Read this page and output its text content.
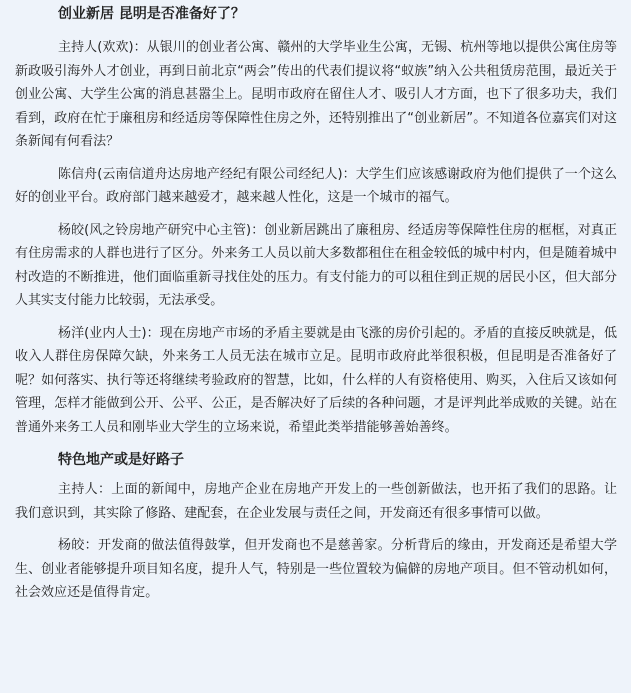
创业新居 昆明是否准备好了？

主持人(欢欢)：从银川的创业者公寓、赣州的大学毕业生公寓，无锡、杭州等地以提供公寓住房等新政吸引海外人才创业，再到日前北京“两会”传出的代表们提议将“蚁族”纳入公共租赁房范围，最近关于创业公寓、大学生公寓的消息甚嚣尘上。昆明市政府在留住人才、吸引人才方面，也下了很多功夫，我们看到，政府在忙于廉租房和经适房等保障性住房之外，还特别推出了“创业新居”。不知道各位嘉宾们对这条新闻有何看法？

陈信舟(云南信道舟达房地产经纪有限公司经纪人)：大学生们应该感谢政府为他们提供了一个这么好的创业平台。政府部门越来越爱才，越来越人性化，这是一个城市的福气。

杨皎(风之铃房地产研究中心主管)：创业新居跳出了廉租房、经适房等保障性住房的框框，对真正有住房需求的人群也进行了区分。外来务工人员以前大多数都租住在租金较低的城中村内，但是随着城中村改造的不断推进，他们面临重新寻找住处的压力。有支付能力的可以租住到正规的居民小区，但大部分人其实支付能力比较弱，无法承受。

杨洋(业内人士)：现在房地产市场的矛盾主要就是由飞涨的房价引起的。矛盾的直接反映就是，低收入人群住房保障欠缺，外来务工人员无法在城市立足。昆明市政府此举很积极，但昆明是否准备好了呢？如何落实、执行等还将继续考验政府的智慧，比如，什么样的人有资格使用、购买，入住后又该如何管理，怎样才能做到公开、公平、公正，是否解决好了后续的各种问题，才是评判此举成败的关键。站在普通外来务工人员和刚毕业大学生的立场来说，希望此类举措能够善始善终。

特色地产或是好路子

主持人：上面的新闻中，房地产企业在房地产开发上的一些创新做法，也开拓了我们的思路。让我们意识到，其实除了修路、建配套，在企业发展与责任之间，开发商还有很多事情可以做。

杨皎：开发商的做法值得鼓掌，但开发商也不是慈善家。分析背后的缘由，开发商还是希望大学生、创业者能够提升项目知名度，提升人气，特别是一些位置较为偏僻的房地产项目。但不管动机如何，社会效应还是值得肯定。
